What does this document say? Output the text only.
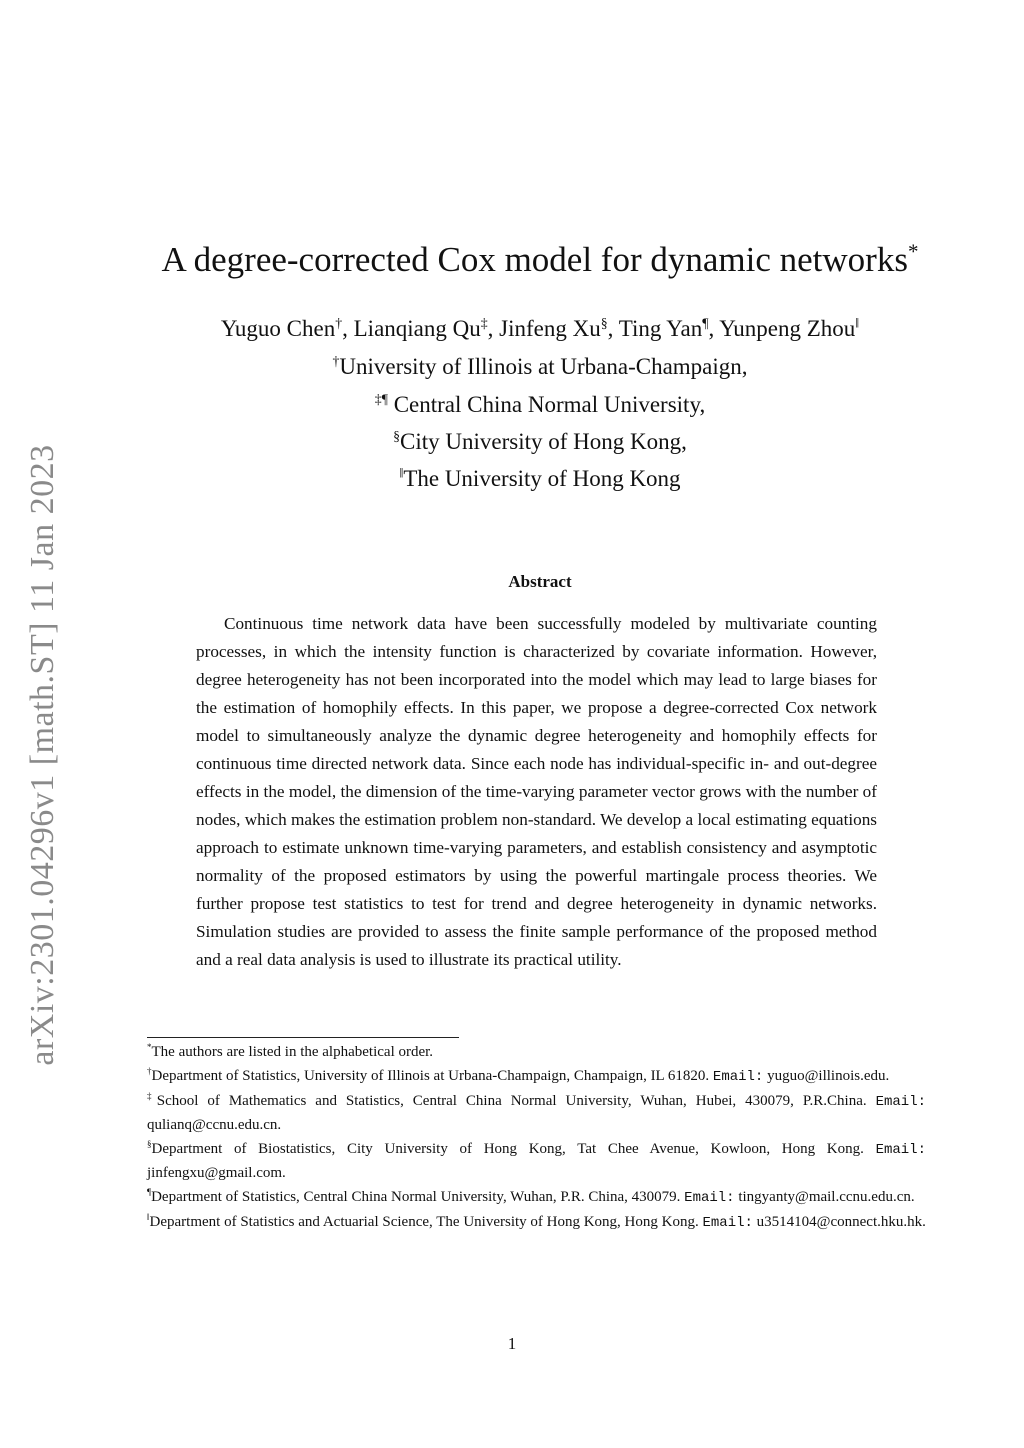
arXiv:2301.04296v1 [math.ST] 11 Jan 2023
A degree-corrected Cox model for dynamic networks*
Yuguo Chen†, Lianqiang Qu‡, Jinfeng Xu§, Ting Yan¶, Yunpeng Zhou‖
†University of Illinois at Urbana-Champaign,
‡¶ Central China Normal University,
§City University of Hong Kong,
‖The University of Hong Kong
Abstract

Continuous time network data have been successfully modeled by multivariate counting processes, in which the intensity function is characterized by covariate information. However, degree heterogeneity has not been incorporated into the model which may lead to large biases for the estimation of homophily effects. In this paper, we propose a degree-corrected Cox network model to simultaneously analyze the dynamic degree heterogeneity and homophily effects for continuous time directed network data. Since each node has individual-specific in- and out-degree effects in the model, the dimension of the time-varying parameter vector grows with the number of nodes, which makes the estimation problem non-standard. We develop a local estimating equations approach to estimate unknown time-varying parameters, and establish consistency and asymptotic normality of the proposed estimators by using the powerful martingale process theories. We further propose test statistics to test for trend and degree heterogeneity in dynamic networks. Simulation studies are provided to assess the finite sample performance of the proposed method and a real data analysis is used to illustrate its practical utility.

*The authors are listed in the alphabetical order.

†Department of Statistics, University of Illinois at Urbana-Champaign, Champaign, IL 61820. Email: yuguo@illinois.edu.

‡School of Mathematics and Statistics, Central China Normal University, Wuhan, Hubei, 430079, P.R.China. Email: qulianq@ccnu.edu.cn.

§Department of Biostatistics, City University of Hong Kong, Tat Chee Avenue, Kowloon, Hong Kong. Email: jinfengxu@gmail.com.

¶Department of Statistics, Central China Normal University, Wuhan, P.R. China, 430079. Email: tingyanty@mail.ccnu.edu.cn.

‖Department of Statistics and Actuarial Science, The University of Hong Kong, Hong Kong. Email: u3514104@connect.hku.hk.

1
